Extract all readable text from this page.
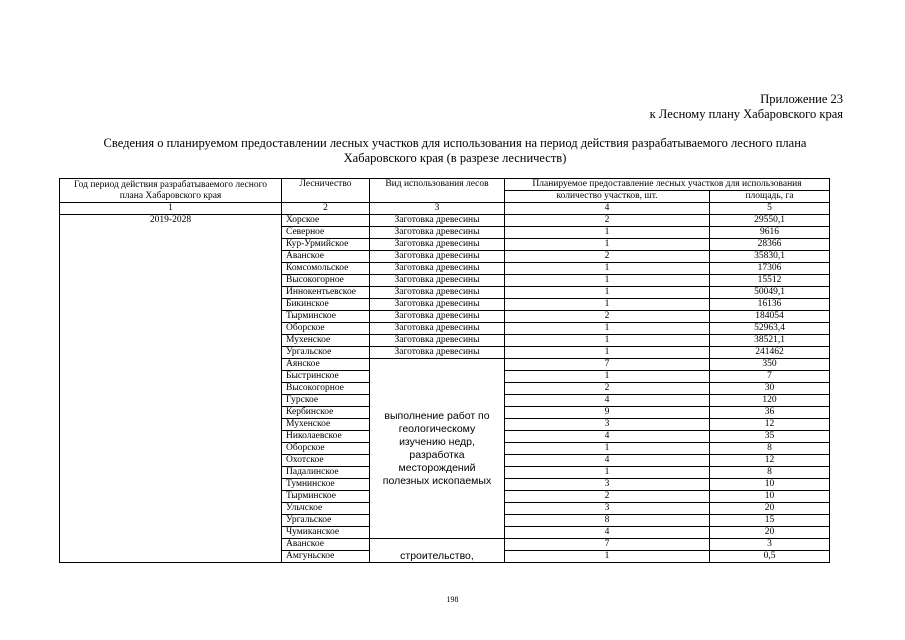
Приложение 23
к Лесному плану Хабаровского края
Сведения о планируемом предоставлении лесных участков для использования на период действия разрабатываемого лесного плана
Хабаровского края (в разрезе лесничеств)
Год период действия разрабатываемого лесного плана Хабаровского края	Лесничество	Вид использования лесов	Планируемое предоставление лесных участков для использования	
			количество участков, шт.	площадь, га
1	2	3	4	5
2019-2028	Хорское	Заготовка древесины	2	29550,1
	Северное	Заготовка древесины	1	9616
	Кур-Урмийское	Заготовка древесины	1	28366
	Аванское	Заготовка древесины	2	35830,1
	Комсомольское	Заготовка древесины	1	17306
	Высокогорное	Заготовка древесины	1	15512
	Иннокентьевское	Заготовка древесины	1	50049,1
	Бикинское	Заготовка древесины	1	16136
	Тырминское	Заготовка древесины	2	184054
	Оборское	Заготовка древесины	1	52963,4
	Мухенское	Заготовка древесины	1	38521,1
	Ургальское	Заготовка древесины	1	241462
	Аянское	выполнение работ по геологическому изучению недр, разработка месторождений полезных ископаемых	7	350
	Быстринское		1	7
	Высокогорное		2	30
	Гурское		4	120
	Кербинское		9	36
	Мухенское		3	12
	Николаевское		4	35
	Оборское		1	8
	Охотское		4	12
	Падалинское		1	8
	Тумнинское		3	10
	Тырминское		2	10
	Ульчское		3	20
	Ургальское		8	15
	Чумиканское		4	20
	Аванское	строительство,	7	3
	Амгуньское		1	0,5
198
